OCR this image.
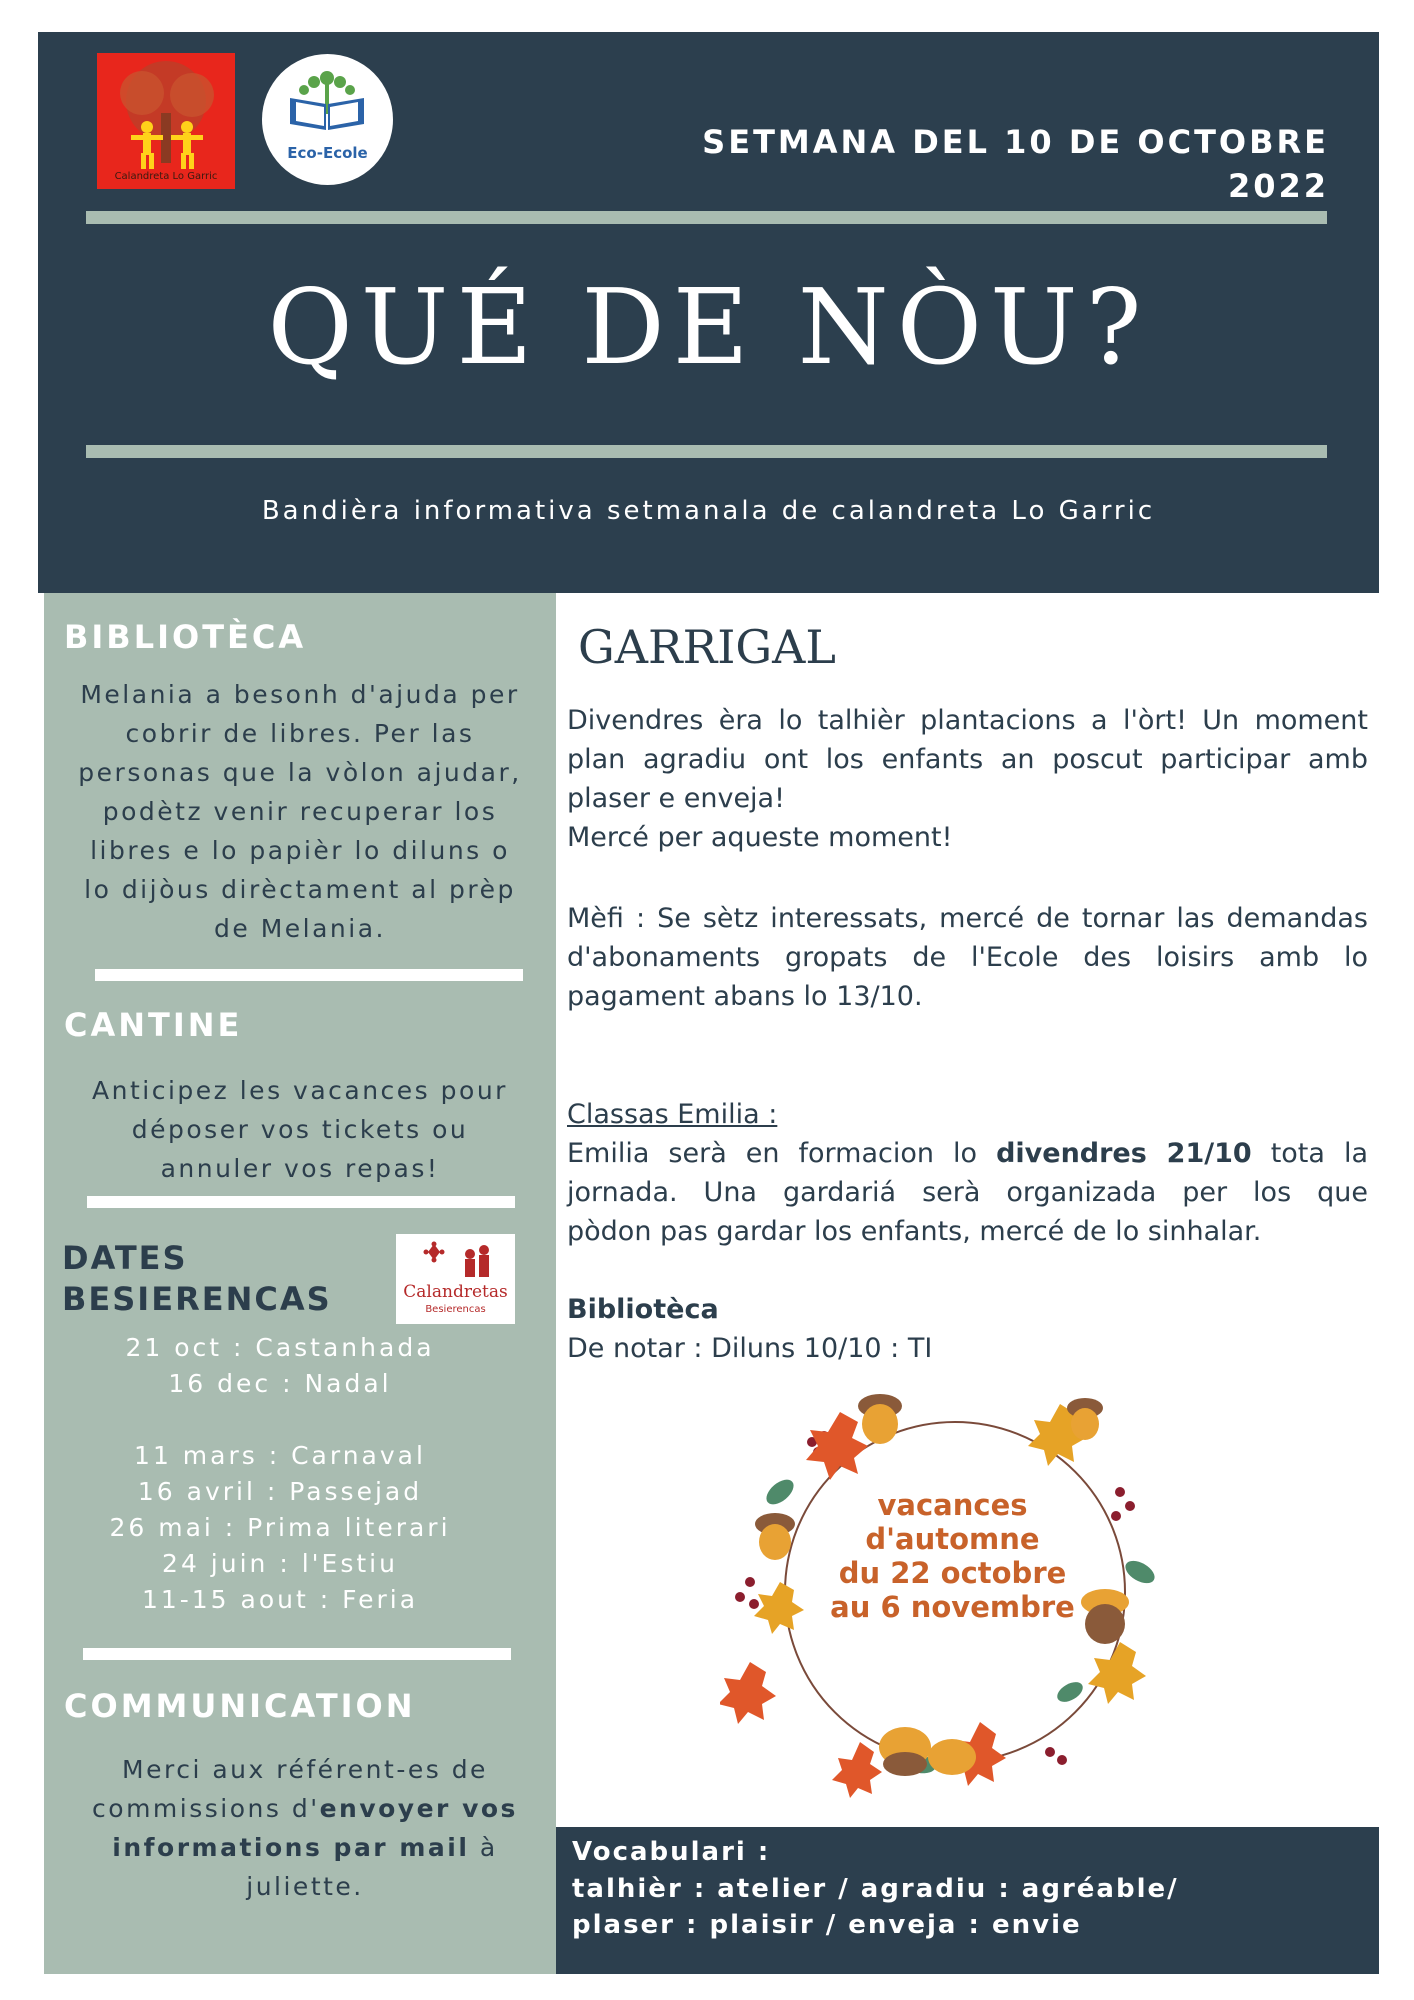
Calandreta Lo Garric
Eco-Ecole	SETMANA DEL 10 DE OCTOBRE
2022
QUÉ DE NÒU?
Bandièra informativa setmanala de calandreta Lo Garric
BIBLIOTÈCA
Melania a besonh d'ajuda per
cobrir de libres. Per las
personas que la vòlon ajudar,
podètz venir recuperar los
libres e lo papièr lo diluns o
lo dijòus dirèctament al prèp
de Melania.
CANTINE
Anticipez les vacances pour
déposer vos tickets ou
annuler vos repas!
DATES
BESIERENCAS	Calandretas
Besierencas
21 oct : Castanhada
16 dec : Nadal
11 mars : Carnaval
16 avril : Passejad
26 mai : Prima literari
24 juin : l'Estiu
11-15 aout : Feria
COMMUNICATION
Merci aux référent-es de
commissions d'envoyer vos
informations par mail à
juliette.
GARRIGAL
Divendres èra lo talhièr plantacions a l'òrt! Un moment
plan agradiu ont los enfants an poscut participar amb
plaser e enveja!
Mercé per aqueste moment!
Mèfi : Se sètz interessats, mercé de tornar las demandas
d'abonaments gropats de l'Ecole des loisirs amb lo
pagament abans lo 13/10.
Classas Emilia :
Emilia serà en formacion lo divendres 21/10 tota la
jornada. Una gardariá serà organizada per los que
pòdon pas gardar los enfants, mercé de lo sinhalar.
Bibliotèca
De notar : Diluns 10/10 : TI
vacances
d'automne
du 22 octobre
au 6 novembre
Vocabulari :
talhièr : atelier / agradiu : agréable/
plaser : plaisir / enveja : envie
